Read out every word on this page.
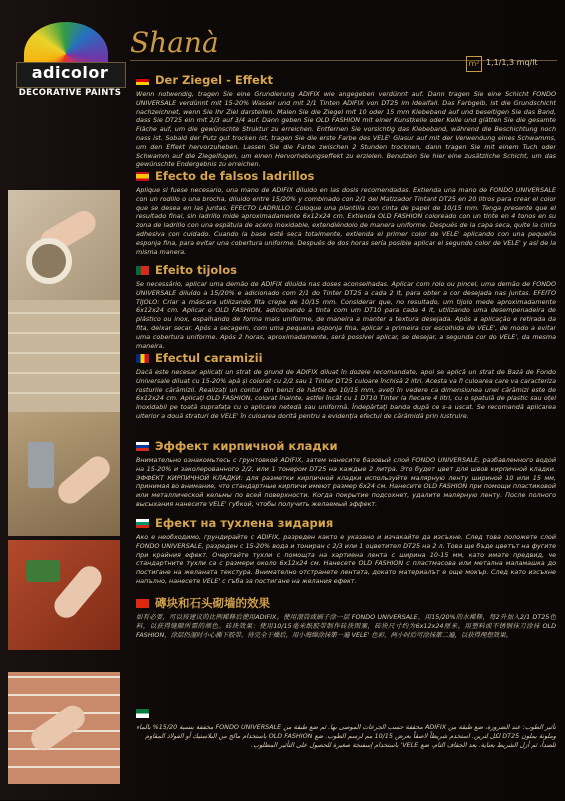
adicolor
DECORATIVE PAINTS
Shanà
m² 1,1/1,3 mq/lt
Der Ziegel - Effekt
Wenn notwendig, tragen Sie eine Grundierung ADIFIX wie angegeben verdünnt auf. Dann tragen Sie eine Schicht FONDO UNIVERSALE verdünnt mit 15-20% Wasser und mit 2/1 Tinten ADIFIX von DT25 im Idealfall. Das Farbgelb, ist die Grundschicht nachzeichnet, wenn Sie Ihr Ziel darstellen. Malen Sie die Ziegel mit 10 oder 15 mm Klebeband auf und beseitigen Sie das Band, dass Sie DT25 ein mit 2/3 auf 3/4 auf. Dann geben Sie OLD FASHION mit einer Kunstkelle oder Kelle und glätten Sie die gesamte Fläche auf, um die gewünschte Struktur zu erreichen. Entfernen Sie vorsichtig das Klebeband, während die Beschichtung noch nass ist. Sobald der Putz gut trocken ist, tragen Sie die erste Farbe des VELE' Glasur auf mit der Verwendung eines Schwamms, um den Effekt hervorzuheben. Lassen Sie die Farbe zwischen 2 Stunden trocknen, dann tragen Sie mit einem Tuch oder Schwamm auf die Ziegelfugen, um einen Hervorhebungseffekt zu erzielen. Benutzen Sie hier eine zusätzliche Schicht, um das gewünschte Endergebnis zu erreichen.
Efecto de falsos ladrillos
Aplique si fuese necesario, una mano de ADIFIX diluido en las dosis recomendadas. Extienda una mano de FONDO UNIVERSALE con un rodillo o una brocha, diluido entre 15/20% y combinado con 2/1 del Matizador Tintant DT25 en 20 litros para crear el color que se desea en las juntas. EFECTO LADRILLO: Coloque una plantilla con cinta de papel de 10/15 mm. Tenga presente que el resultado final, sin ladrillo mide aproximadamente 6x12x24 cm. Extienda OLD FASHION coloreado con un tinte en 4 tonos en su zona de ladrillo con una espátula de acero inoxidable, extendiéndolo de manera uniforme. Después de la capa seca, quite la cinta adhesiva con cuidado. Cuando la base esté seca totalmente, extienda el primer color de VELE' aplicando con una pequeña esponja fina, para evitar una cobertura uniforme. Después de dos horas sería posible aplicar el segundo color de VELE' y así de la misma manera.
Efeito tijolos
Se necessário, aplicar uma demão de ADIFIX diluída nas doses aconselhadas. Aplicar com rolo ou pincel, uma demão de FONDO UNIVERSALE diluído a 15/20% e adicionado com 2/1 do Tinter DT25 a cada 2 lt, para obter a cor desejada nas juntas. EFEITO TIJOLO: Criar a máscara utilizando fita crepe de 10/15 mm. Considerar que, no resultado, um tijolo mede aproximadamente 6x12x24 cm. Aplicar o OLD FASHION, adicionando a tinta com um DT10 para cada 4 lt, utilizando uma desempenadeira de plástico ou inox, espalhando de forma mais uniforme, de maneira a manter a textura desejada. Após a aplicação e retirada da fita, deixar secar. Após a secagem, com uma pequena esponja fina, aplicar a primeira cor escolhida de VELE', de modo a evitar uma cobertura uniforme. Após 2 horas, aproximadamente, será possível aplicar, se desejar, a segunda cor do VELE', da mesma maneira.
Efectul caramizii
Dacă este necesar aplicați un strat de grund de ADIFIX diluat în dozele recomandate, apoi se aplică un strat de Bază de Fondo Universale diluat cu 15-20% apă și colorat cu 2/2 sau 1 Tinter DT25 culoare închisă 2 litri. Acesta va fi culoarea care va caracteriza rosturile cărămizii. Realizați un contur din benzi de hârtie de 10/15 mm, aveți în vedere ca dimensiunea unei cărămizi este de 6x12x24 cm. Aplicați OLD FASHION, colorat înainte, astfel încât cu 1 DT10 Tinter la fiecare 4 litri, cu o spatulă de plastic sau oțel inoxidabil pe toată suprafața cu o aplicare netedă sau uniformă. Îndepărtați banda după ce s-a uscat. Se recomandă aplicarea ulterior a două straturi de VELE' în culoarea dorită pentru a evidenția efectul de cărămidă prin lustruire.
Эффект кирпичной кладки
Внимательно ознакомьтесь с грунтовкой ADIFIX, затем нанесите базовый слой FONDO UNIVERSALE, разбавленного водой на 15-20% и заколерованного 2/2, или 1 тонером DT25 на каждые 2 литра. Это будет цвет для швов кирпичной кладки. ЭФФЕКТ КИРПИЧНОЙ КЛАДКИ: для разметки кирпичной кладки используйте малярную ленту шириной 10 или 15 мм, принимая во внимание, что стандартные кирпичи имеют размер 6x24 см. Нанесите OLD FASHION при помощи пластиковой или металлической кельмы по всей поверхности. Когда покрытие подсохнет, удалите малярную ленту. После полного высыхания нанесите VELE' губкой, чтобы получить желаемый эффект.
Ефект на тухлена зидария
Ако е необходимо, грундирайте с ADIFIX, разреден както е указано и изчакайте да изсъхне. След това положете слой FONDO UNIVERSALE, разреден с 15-20% вода и тониран с 2/3 или 1 оцветител DT25 на 2 л. Това ще бъде цветът на фугите при крайния ефект. Очертайте тухли с помощта на хартиена лента с ширина 10-15 мм, като имате предвид, че стандартните тухли са с размери около 6x12x24 см. Нанесете OLD FASHION с пластмасова или метална маламашка до постигане на желаната текстура. Внимателно отстранете лентата, докато материалът е още мокър. След като изсъхне напълно, нанесете VELE' с гъба за постигане на желания ефект.
磚块和石头砌墙的效果
如有必要，可以按建议的比例稀释后使用ADIFIX。使用滚筒或刷子涂一层 FONDO UNIVERSALE，用15/20%的水稀释，每2升加入2/1 DT25色料，以获得缝隙所需的颜色。砖块效果：使用10/15毫米纸胶带制作砖块图案，砖块尺寸约为6x12x24厘米。用塑料或不锈钢抹刀涂抹 OLD FASHION，涂层仍湿时小心撕下胶带。待完全干燥后，用小海绵涂抹第一遍 VELE' 色彩，两小时后可涂抹第二遍，以获得理想效果。
تأثير الطوب: عند الضرورة، ضع طبقة من ADIFIX مخففة حسب الجرعات الموصى بها. ثم ضع طبقة من FONDO UNIVERSALE مخففة بنسبة 15/20% بالماء وملونة بملون DT25 لكل لترين. استخدم شريطاً لاصقاً بعرض 10/15 مم لرسم الطوب. ضع OLD FASHION باستخدام مالج من البلاستيك أو الفولاذ المقاوم للصدأ، ثم أزل الشريط بعناية. بعد الجفاف التام، ضع VELE' باستخدام إسفنجة صغيرة للحصول على التأثير المطلوب.
